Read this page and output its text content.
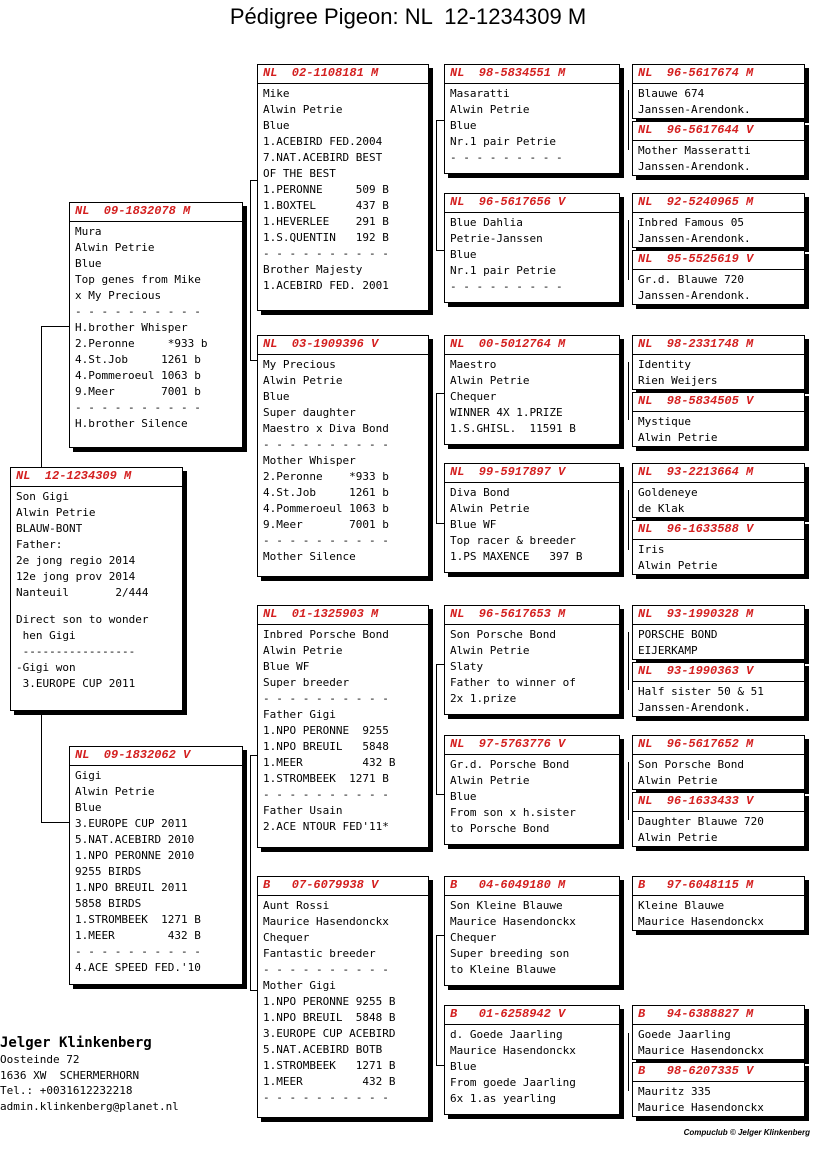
Pédigree Pigeon: NL  12-1234309 M
NL  12-1234309 M
Son Gigi
Alwin Petrie
BLAUW-BONT
Father:
2e jong regio 2014
12e jong prov 2014
Nanteuil       2/444
Direct son to wonder
hen Gigi
-----------------
-Gigi won
3.EUROPE CUP 2011
NL  09-1832078 M
Mura
Alwin Petrie
Blue
Top genes from Mike
x My Precious
- - - - - - - - - -
H.brother Whisper
2.Peronne     *933 b
4.St.Job     1261 b
4.Pommeroeul 1063 b
9.Meer       7001 b
- - - - - - - - - -
H.brother Silence
NL  09-1832062 V
Gigi
Alwin Petrie
Blue
3.EUROPE CUP 2011
5.NAT.ACEBIRD 2010
1.NPO PERONNE 2010
9255 BIRDS
1.NPO BREUIL 2011
5858 BIRDS
1.STROMBEEK  1271 B
1.MEER        432 B
- - - - - - - - - -
4.ACE SPEED FED.'10
NL  02-1108181 M
Mike
Alwin Petrie
Blue
1.ACEBIRD FED.2004
7.NAT.ACEBIRD BEST
OF THE BEST
1.PERONNE     509 B
1.BOXTEL      437 B
1.HEVERLEE    291 B
1.S.QUENTIN   192 B
- - - - - - - - - -
Brother Majesty
1.ACEBIRD FED. 2001
NL  03-1909396 V
My Precious
Alwin Petrie
Blue
Super daughter
Maestro x Diva Bond
- - - - - - - - - -
Mother Whisper
2.Peronne    *933 b
4.St.Job     1261 b
4.Pommeroeul 1063 b
9.Meer       7001 b
- - - - - - - - - -
Mother Silence
NL  01-1325903 M
Inbred Porsche Bond
Alwin Petrie
Blue WF
Super breeder
- - - - - - - - - -
Father Gigi
1.NPO PERONNE  9255
1.NPO BREUIL   5848
1.MEER         432 B
1.STROMBEEK  1271 B
- - - - - - - - - -
Father Usain
2.ACE NTOUR FED'11*
B   07-6079938 V
Aunt Rossi
Maurice Hasendonckx
Chequer
Fantastic breeder
- - - - - - - - - -
Mother Gigi
1.NPO PERONNE 9255 B
1.NPO BREUIL  5848 B
3.EUROPE CUP ACEBIRD
5.NAT.ACEBIRD BOTB
1.STROMBEEK   1271 B
1.MEER         432 B
- - - - - - - - - -
NL  98-5834551 M
Masaratti
Alwin Petrie
Blue
Nr.1 pair Petrie
- - - - - - - - -
NL  96-5617656 V
Blue Dahlia
Petrie-Janssen
Blue
Nr.1 pair Petrie
- - - - - - - - -
NL  00-5012764 M
Maestro
Alwin Petrie
Chequer
WINNER 4X 1.PRIZE
1.S.GHISL.  11591 B
NL  99-5917897 V
Diva Bond
Alwin Petrie
Blue WF
Top racer & breeder
1.PS MAXENCE   397 B
NL  96-5617653 M
Son Porsche Bond
Alwin Petrie
Slaty
Father to winner of
2x 1.prize
NL  97-5763776 V
Gr.d. Porsche Bond
Alwin Petrie
Blue
From son x h.sister
to Porsche Bond
B   04-6049180 M
Son Kleine Blauwe
Maurice Hasendonckx
Chequer
Super breeding son
to Kleine Blauwe
B   01-6258942 V
d. Goede Jaarling
Maurice Hasendonckx
Blue
From goede Jaarling
6x 1.as yearling
NL  96-5617674 M
Blauwe 674
Janssen-Arendonk.
NL  96-5617644 V
Mother Masseratti
Janssen-Arendonk.
NL  92-5240965 M
Inbred Famous 05
Janssen-Arendonk.
NL  95-5525619 V
Gr.d. Blauwe 720
Janssen-Arendonk.
NL  98-2331748 M
Identity
Rien Weijers
NL  98-5834505 V
Mystique
Alwin Petrie
NL  93-2213664 M
Goldeneye
de Klak
NL  96-1633588 V
Iris
Alwin Petrie
NL  93-1990328 M
PORSCHE BOND
EIJERKAMP
NL  93-1990363 V
Half sister 50 & 51
Janssen-Arendonk.
NL  96-5617652 M
Son Porsche Bond
Alwin Petrie
NL  96-1633433 V
Daughter Blauwe 720
Alwin Petrie
B   97-6048115 M
Kleine Blauwe
Maurice Hasendonckx
B   94-6388827 M
Goede Jaarling
Maurice Hasendonckx
B   98-6207335 V
Mauritz 335
Maurice Hasendonckx
Jelger Klinkenberg
Oosteinde 72
1636 XW  SCHERMERHORN
Tel.: +0031612232218
admin.klinkenberg@planet.nl
Compuclub © Jelger Klinkenberg
